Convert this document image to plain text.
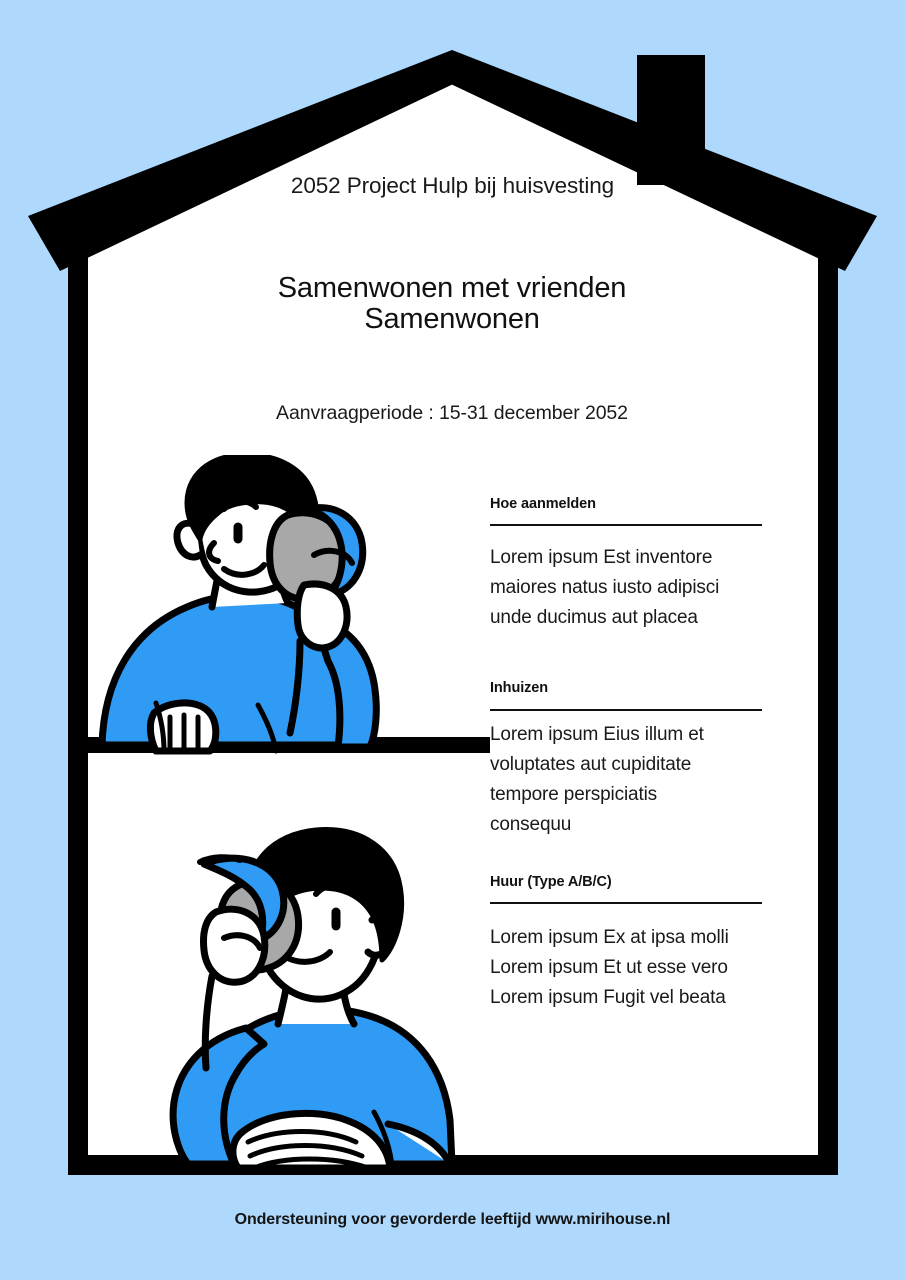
2052 Project Hulp bij huisvesting
Samenwonen met vrienden
Samenwonen
Aanvraagperiode : 15-31 december 2052
Hoe aanmelden
Lorem ipsum Est inventore
maiores natus iusto adipisci
unde ducimus aut placea
Inhuizen
Lorem ipsum Eius illum et
voluptates aut cupiditate
tempore perspiciatis
consequu
Huur (Type A/B/C)
Lorem ipsum Ex at ipsa molli
Lorem ipsum Et ut esse vero
Lorem ipsum Fugit vel beata
Ondersteuning voor gevorderde leeftijd www.mirihouse.nl
